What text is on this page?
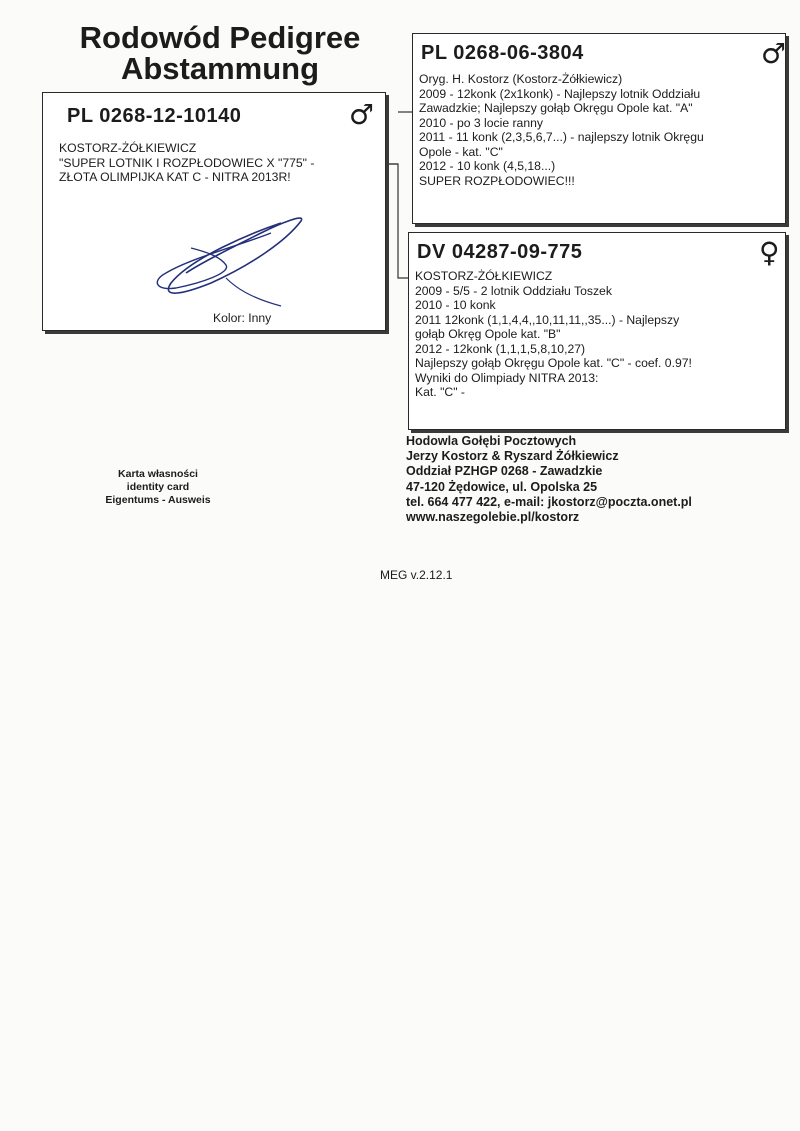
Rodowód Pedigree
Abstammung
PL 0268-12-10140	♂
KOSTORZ-ŻÓŁKIEWICZ
"SUPER LOTNIK I ROZPŁODOWIEC X "775" -
ZŁOTA OLIMPIJKA KAT C - NITRA 2013R!
Kolor: Inny
PL 0268-06-3804	♂
Oryg. H. Kostorz (Kostorz-Żółkiewicz)
2009 - 12konk (2x1konk) - Najlepszy lotnik Oddziału
Zawadzkie; Najlepszy gołąb Okręgu Opole kat. "A"
2010 - po 3 locie ranny
2011 - 11 konk (2,3,5,6,7...) - najlepszy lotnik Okręgu
Opole - kat. "C"
2012 - 10 konk (4,5,18...)
SUPER ROZPŁODOWIEC!!!
DV 04287-09-775	♀
KOSTORZ-ŻÓŁKIEWICZ
2009 - 5/5 - 2 lotnik Oddziału Toszek
2010 - 10 konk
2011 12konk (1,1,4,4,,10,11,11,,35...) - Najlepszy
gołąb Okręg Opole kat. "B"
2012 - 12konk (1,1,1,5,8,10,27)
Najlepszy gołąb Okręgu Opole kat. "C" - coef. 0.97!
Wyniki do Olimpiady NITRA 2013:
Kat. "C" -
Hodowla Gołębi Pocztowych
Jerzy Kostorz & Ryszard Żółkiewicz
Oddział PZHGP 0268 - Zawadzkie
47-120 Żędowice, ul. Opolska 25
tel. 664 477 422, e-mail: jkostorz@poczta.onet.pl
www.naszegolebie.pl/kostorz
Karta własności
identity card
Eigentums - Ausweis
MEG v.2.12.1
